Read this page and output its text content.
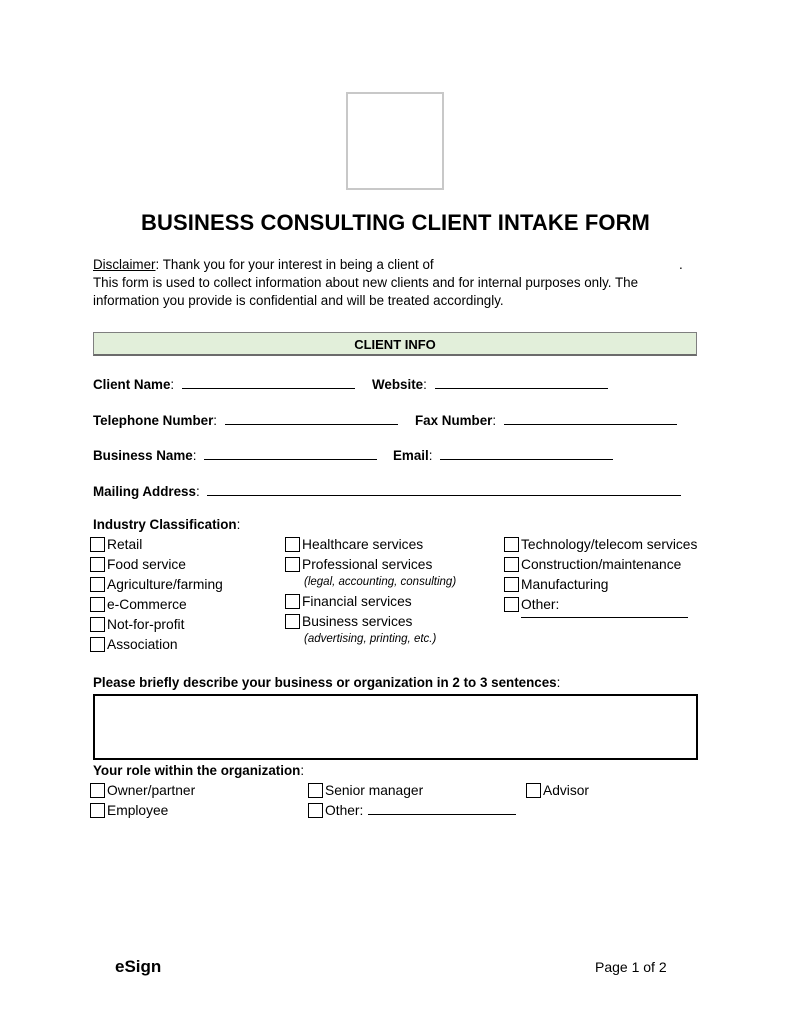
BUSINESS CONSULTING CLIENT INTAKE FORM
Disclaimer: Thank you for your interest in being a client of	.
This form is used to collect information about new clients and for internal purposes only. The
information you provide is confidential and will be treated accordingly.
CLIENT INFO
Client Name:	Website:
Telephone Number:	Fax Number:
Business Name:	Email:
Mailing Address:
Industry Classification:
Retail
Food service
Agriculture/farming
e-Commerce
Not-for-profit
Association
Healthcare services
Professional services
(legal, accounting, consulting)
Financial services
Business services
(advertising, printing, etc.)
Technology/telecom services
Construction/maintenance
Manufacturing
Other:
Please briefly describe your business or organization in 2 to 3 sentences:
Your role within the organization:
Owner/partner
Employee
Senior manager
Other:
Advisor
eSign	Page 1 of 2
